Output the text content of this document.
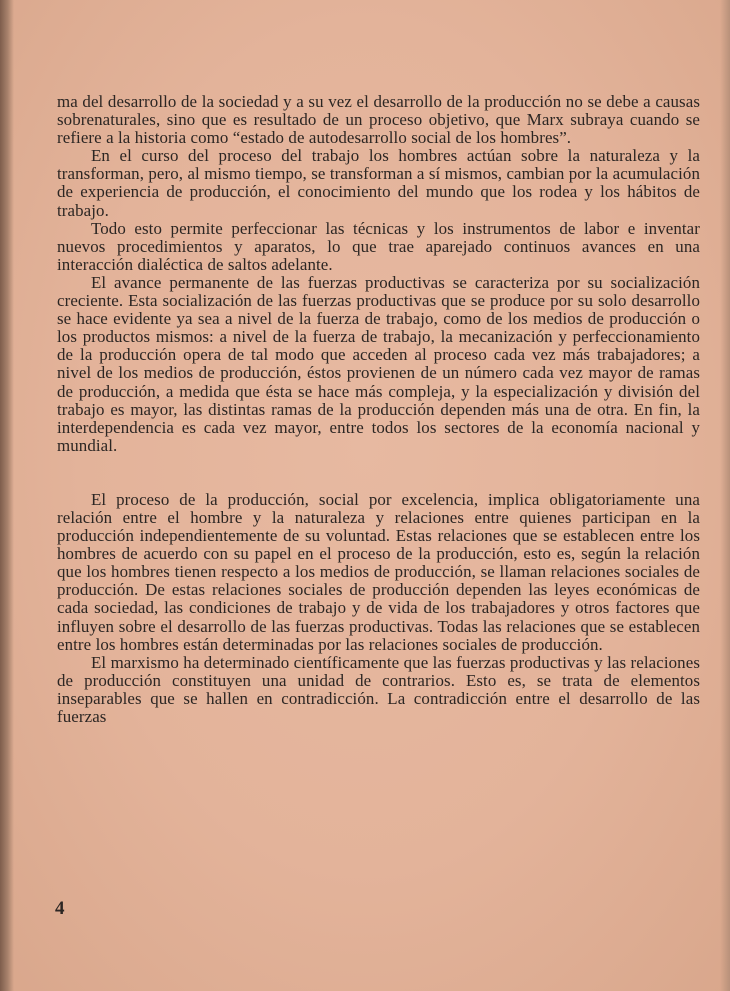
ma del desarrollo de la sociedad y a su vez el desarrollo de la producción no se debe a causas sobrenaturales, sino que es resultado de un proceso objetivo, que Marx subraya cuando se refiere a la historia como “estado de autodesarrollo social de los hombres”.

En el curso del proceso del trabajo los hombres actúan sobre la naturaleza y la transforman, pero, al mismo tiempo, se transforman a sí mismos, cambian por la acumulación de experiencia de producción, el conocimiento del mundo que los rodea y los hábitos de trabajo.

Todo esto permite perfeccionar las técnicas y los instrumentos de labor e inventar nuevos procedimientos y aparatos, lo que trae aparejado continuos avances en una interacción dialéctica de saltos adelante.

El avance permanente de las fuerzas productivas se caracteriza por su socialización creciente. Esta socialización de las fuerzas productivas que se produce por su solo desarrollo se hace evidente ya sea a nivel de la fuerza de trabajo, como de los medios de producción o los productos mismos: a nivel de la fuerza de trabajo, la mecanización y perfeccionamiento de la producción opera de tal modo que acceden al proceso cada vez más trabajadores; a nivel de los medios de producción, éstos provienen de un número cada vez mayor de ramas de producción, a medida que ésta se hace más compleja, y la especialización y división del trabajo es mayor, las distintas ramas de la producción dependen más una de otra. En fin, la interdependencia es cada vez mayor, entre todos los sectores de la economía nacional y mundial.

El proceso de la producción, social por excelencia, implica obligatoriamente una relación entre el hombre y la naturaleza y relaciones entre quienes participan en la producción independientemente de su voluntad. Estas relaciones que se establecen entre los hombres de acuerdo con su papel en el proceso de la producción, esto es, según la relación que los hombres tienen respecto a los medios de producción, se llaman relaciones sociales de producción. De estas relaciones sociales de producción dependen las leyes económicas de cada sociedad, las condiciones de trabajo y de vida de los trabajadores y otros factores que influyen sobre el desarrollo de las fuerzas productivas. Todas las relaciones que se establecen entre los hombres están determinadas por las relaciones sociales de producción.

El marxismo ha determinado científicamente que las fuerzas productivas y las relaciones de producción constituyen una unidad de contrarios. Esto es, se trata de elementos inseparables que se hallen en contradicción. La contradicción entre el desarrollo de las fuerzas

4
